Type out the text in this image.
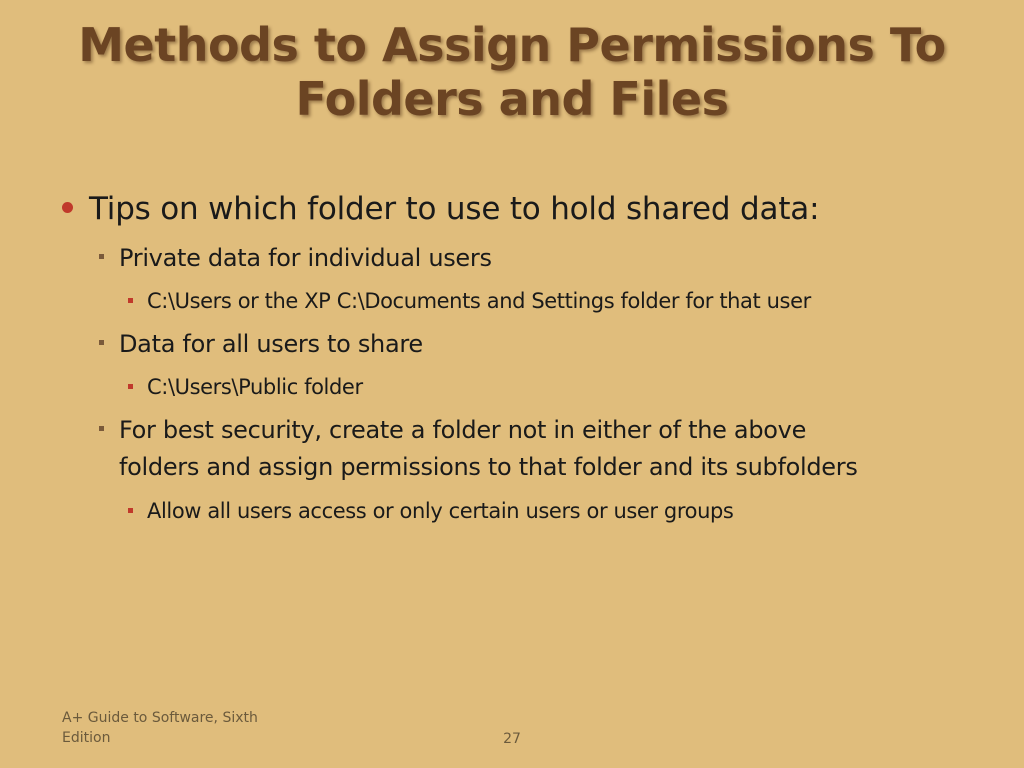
Methods to Assign Permissions To
Folders and Files
Tips on which folder to use to hold shared data:
Private data for individual users
C:\Users or the XP C:\Documents and Settings folder for that user
Data for all users to share
C:\Users\Public folder
For best security, create a folder not in either of the above
folders and assign permissions to that folder and its subfolders
Allow all users access or only certain users or user groups
A+ Guide to Software, Sixth
Edition	27
